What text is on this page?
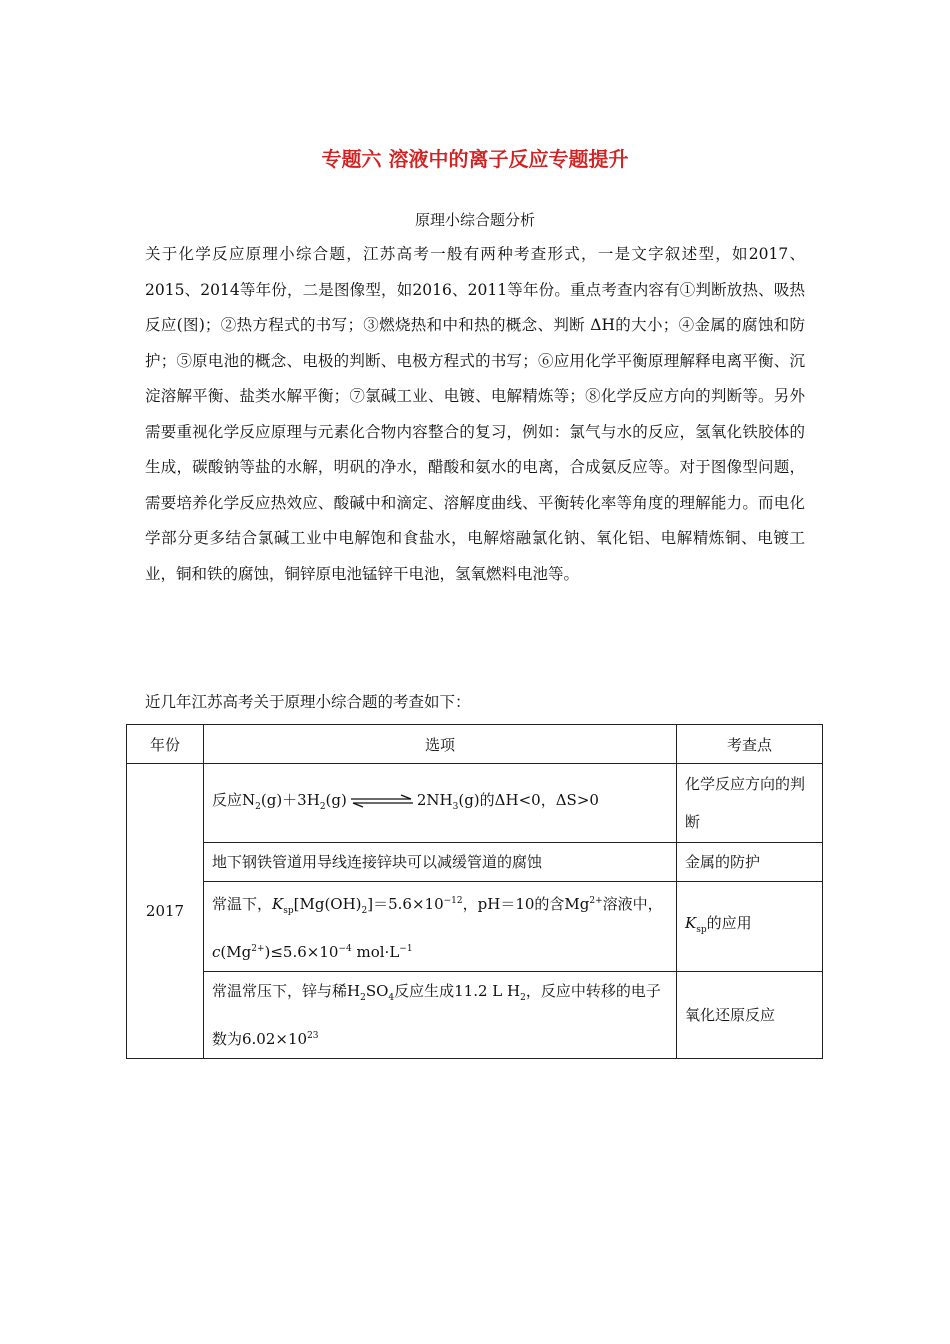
专题六 溶液中的离子反应专题提升
原理小综合题分析
关于化学反应原理小综合题，江苏高考一般有两种考查形式，一是文字叙述型，如2017、2015、2014等年份，二是图像型，如2016、2011等年份。重点考查内容有①判断放热、吸热反应(图)；②热方程式的书写；③燃烧热和中和热的概念、判断 ΔH的大小；④金属的腐蚀和防护；⑤原电池的概念、电极的判断、电极方程式的书写；⑥应用化学平衡原理解释电离平衡、沉淀溶解平衡、盐类水解平衡；⑦氯碱工业、电镀、电解精炼等；⑧化学反应方向的判断等。另外需要重视化学反应原理与元素化合物内容整合的复习，例如：氯气与水的反应，氢氧化铁胶体的生成，碳酸钠等盐的水解，明矾的净水，醋酸和氨水的电离，合成氨反应等。对于图像型问题，需要培养化学反应热效应、酸碱中和滴定、溶解度曲线、平衡转化率等角度的理解能力。而电化学部分更多结合氯碱工业中电解饱和食盐水，电解熔融氯化钠、氧化铝、电解精炼铜、电镀工业，铜和铁的腐蚀，铜锌原电池锰锌干电池，氢氧燃料电池等。
近几年江苏高考关于原理小综合题的考查如下：
年份	选项	考查点
2017	反应$N_2(g)+3H_2(g)$ $2NH_3(g)$的ΔH<0，ΔS>0	化学反应方向的判断
	地下钢铁管道用导线连接锌块可以减缓管道的腐蚀	金属的防护
	常温下，$K_{sp}[Mg(OH)_2]=5.6\times 10^{-12}$，pH＝10的含$Mg^{2+}$溶液中，$c(Mg^{2+})\le 5.6\times 10^{-4}$ $mol\cdot L^{-1}$	$K_{sp}$的应用
	常温常压下，锌与稀$H_2SO_4$反应生成11.2 L $H_2$，反应中转移的电子数为$6.02\times 10^{23}$	氧化还原反应
